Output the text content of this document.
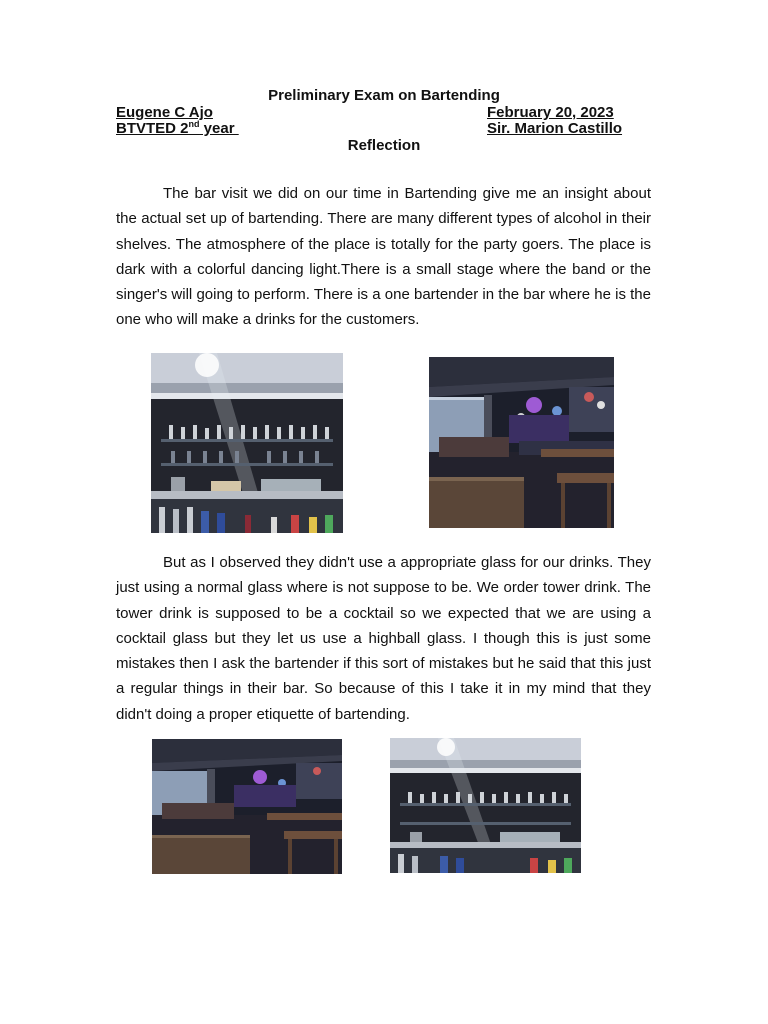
Preliminary Exam on Bartending
Eugene C Ajo	February 20, 2023
BTVTED 2nd year	Sir. Marion Castillo
Reflection

The bar visit we did on our time in Bartending give me an insight about the actual set up of bartending. There are many different types of alcohol in their shelves. The atmosphere of the place is totally for the party goers. The place is dark with a colorful dancing light.There is a small stage where the band or the singer's will going to perform. There is a one bartender in the bar where he is the one who will make a drinks for the customers.

But as I observed they didn't use a appropriate glass for our drinks. They just using a normal glass where is not suppose to be. We order tower drink. The tower drink is supposed to be a cocktail so we expected that we are using a cocktail glass but they let us use a highball glass. I though this is just some mistakes then I ask the bartender if this sort of mistakes but he said that this just a regular things in their bar. So because of this I take it in my mind that they didn't doing a proper etiquette of bartending.
